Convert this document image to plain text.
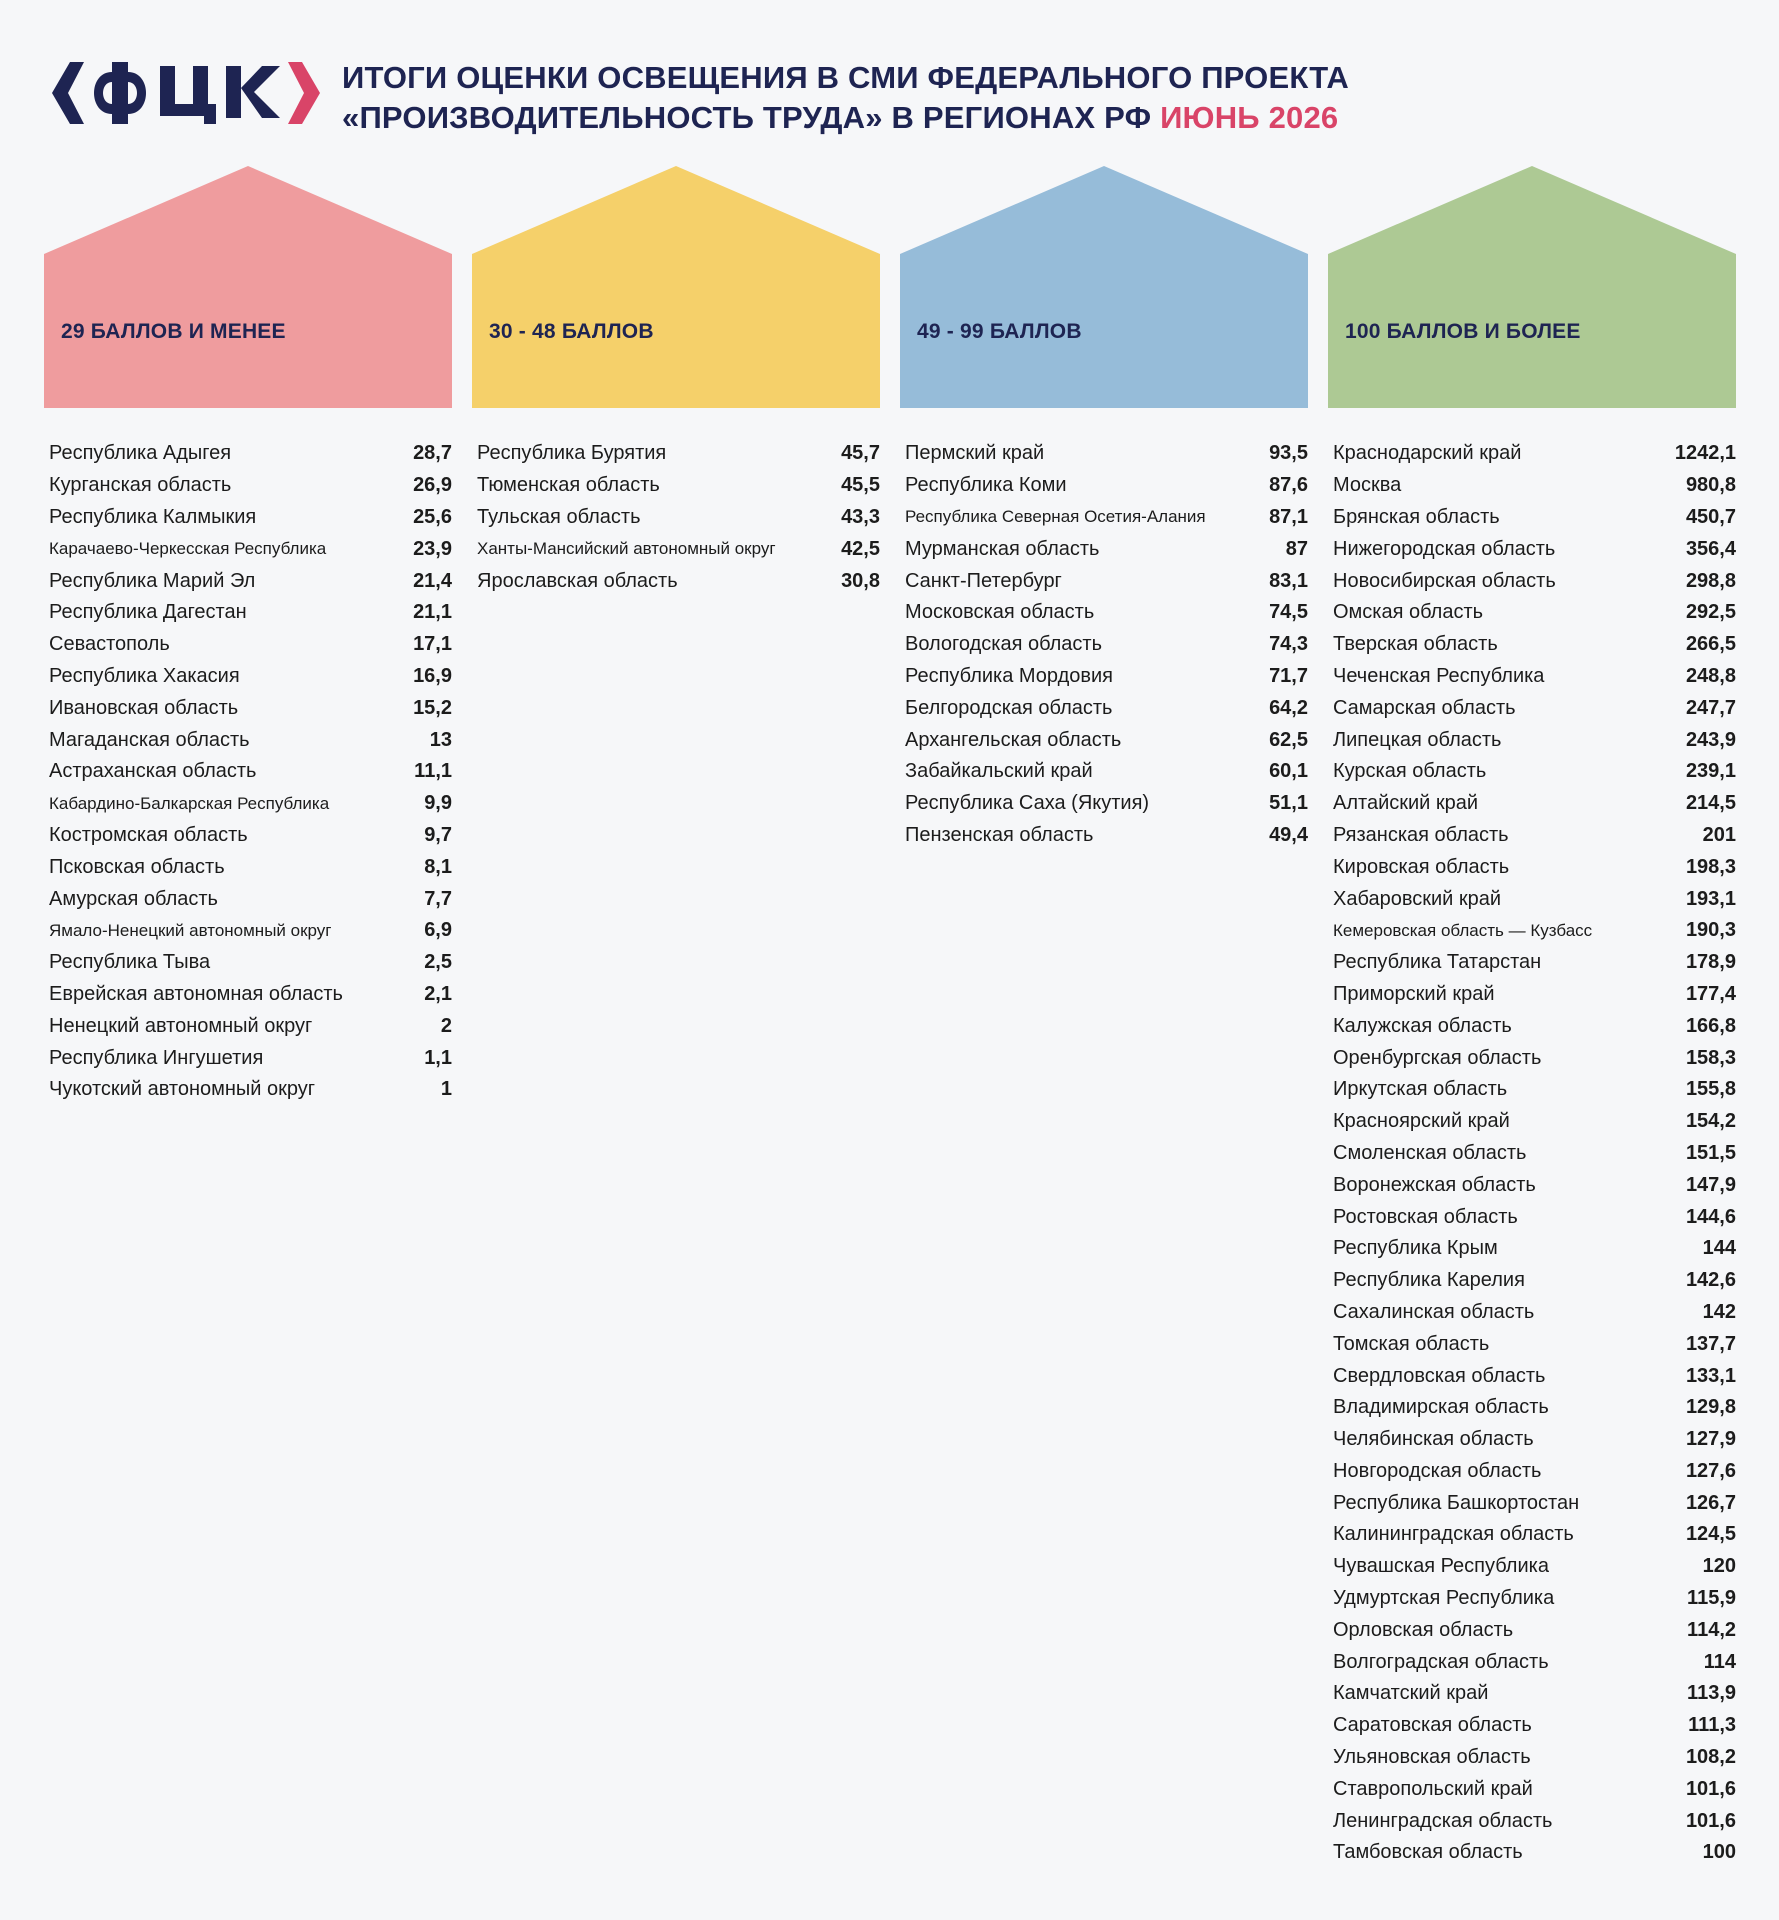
ИТОГИ ОЦЕНКИ ОСВЕЩЕНИЯ В СМИ ФЕДЕРАЛЬНОГО ПРОЕКТА
«ПРОИЗВОДИТЕЛЬНОСТЬ ТРУДА» В РЕГИОНАХ РФ ИЮНЬ 2026
29 БАЛЛОВ И МЕНЕЕ
Республика Адыгея	28,7
Курганская область	26,9
Республика Калмыкия	25,6
Карачаево-Черкесская Республика	23,9
Республика Марий Эл	21,4
Республика Дагестан	21,1
Севастополь	17,1
Республика Хакасия	16,9
Ивановская область	15,2
Магаданская область	13
Астраханская область	11,1
Кабардино-Балкарская Республика	9,9
Костромская область	9,7
Псковская область	8,1
Амурская область	7,7
Ямало-Ненецкий автономный округ	6,9
Республика Тыва	2,5
Еврейская автономная область	2,1
Ненецкий автономный округ	2
Республика Ингушетия	1,1
Чукотский автономный округ	1
30 - 48 БАЛЛОВ
Республика Бурятия	45,7
Тюменская область	45,5
Тульская область	43,3
Ханты-Мансийский автономный округ	42,5
Ярославская область	30,8
49 - 99 БАЛЛОВ
Пермский край	93,5
Республика Коми	87,6
Республика Северная Осетия-Алания	87,1
Мурманская область	87
Санкт-Петербург	83,1
Московская область	74,5
Вологодская область	74,3
Республика Мордовия	71,7
Белгородская область	64,2
Архангельская область	62,5
Забайкальский край	60,1
Республика Саха (Якутия)	51,1
Пензенская область	49,4
100 БАЛЛОВ И БОЛЕЕ
Краснодарский край	1242,1
Москва	980,8
Брянская область	450,7
Нижегородская область	356,4
Новосибирская область	298,8
Омская область	292,5
Тверская область	266,5
Чеченская Республика	248,8
Самарская область	247,7
Липецкая область	243,9
Курская область	239,1
Алтайский край	214,5
Рязанская область	201
Кировская область	198,3
Хабаровский край	193,1
Кемеровская область — Кузбасс	190,3
Республика Татарстан	178,9
Приморский край	177,4
Калужская область	166,8
Оренбургская область	158,3
Иркутская область	155,8
Красноярский край	154,2
Смоленская область	151,5
Воронежская область	147,9
Ростовская область	144,6
Республика Крым	144
Республика Карелия	142,6
Сахалинская область	142
Томская область	137,7
Свердловская область	133,1
Владимирская область	129,8
Челябинская область	127,9
Новгородская область	127,6
Республика Башкортостан	126,7
Калининградская область	124,5
Чувашская Республика	120
Удмуртская Республика	115,9
Орловская область	114,2
Волгоградская область	114
Камчатский край	113,9
Саратовская область	111,3
Ульяновская область	108,2
Ставропольский край	101,6
Ленинградская область	101,6
Тамбовская область	100
